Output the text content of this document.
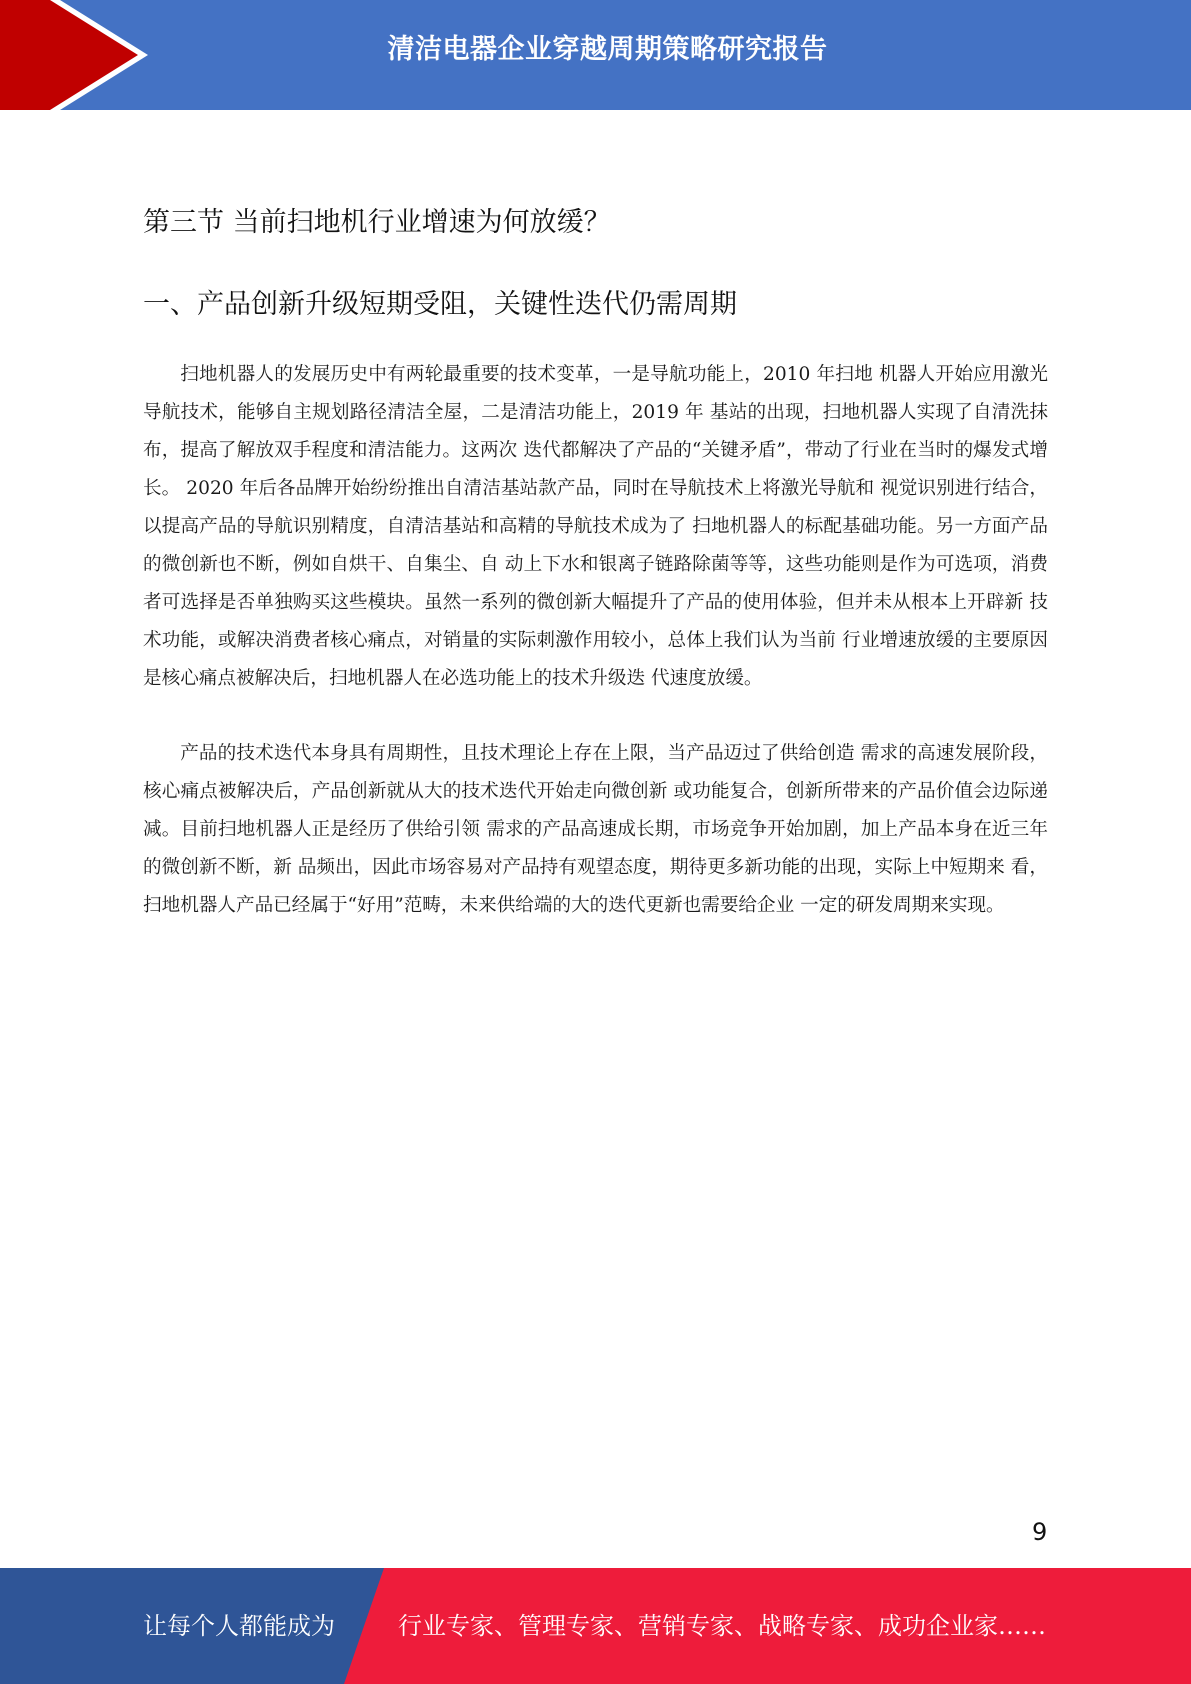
清洁电器企业穿越周期策略研究报告
第三节 当前扫地机行业增速为何放缓？
一、产品创新升级短期受阻，关键性迭代仍需周期

扫地机器人的发展历史中有两轮最重要的技术变革，一是导航功能上，2010 年扫地 机器人开始应用激光导航技术，能够自主规划路径清洁全屋，二是清洁功能上，2019 年 基站的出现，扫地机器人实现了自清洗抹布，提高了解放双手程度和清洁能力。这两次 迭代都解决了产品的“关键矛盾”，带动了行业在当时的爆发式增长。 2020 年后各品牌开始纷纷推出自清洁基站款产品，同时在导航技术上将激光导航和 视觉识别进行结合，以提高产品的导航识别精度，自清洁基站和高精的导航技术成为了 扫地机器人的标配基础功能。另一方面产品的微创新也不断，例如自烘干、自集尘、自 动上下水和银离子链路除菌等等，这些功能则是作为可选项，消费者可选择是否单独购买这些模块。虽然一系列的微创新大幅提升了产品的使用体验，但并未从根本上开辟新 技术功能，或解决消费者核心痛点，对销量的实际刺激作用较小，总体上我们认为当前 行业增速放缓的主要原因是核心痛点被解决后，扫地机器人在必选功能上的技术升级迭 代速度放缓。

产品的技术迭代本身具有周期性，且技术理论上存在上限，当产品迈过了供给创造 需求的高速发展阶段，核心痛点被解决后，产品创新就从大的技术迭代开始走向微创新 或功能复合，创新所带来的产品价值会边际递减。目前扫地机器人正是经历了供给引领 需求的产品高速成长期，市场竞争开始加剧，加上产品本身在近三年的微创新不断，新 品频出，因此市场容易对产品持有观望态度，期待更多新功能的出现，实际上中短期来 看，扫地机器人产品已经属于“好用”范畴，未来供给端的大的迭代更新也需要给企业 一定的研发周期来实现。

9
让每个人都能成为	行业专家、管理专家、营销专家、战略专家、成功企业家……
